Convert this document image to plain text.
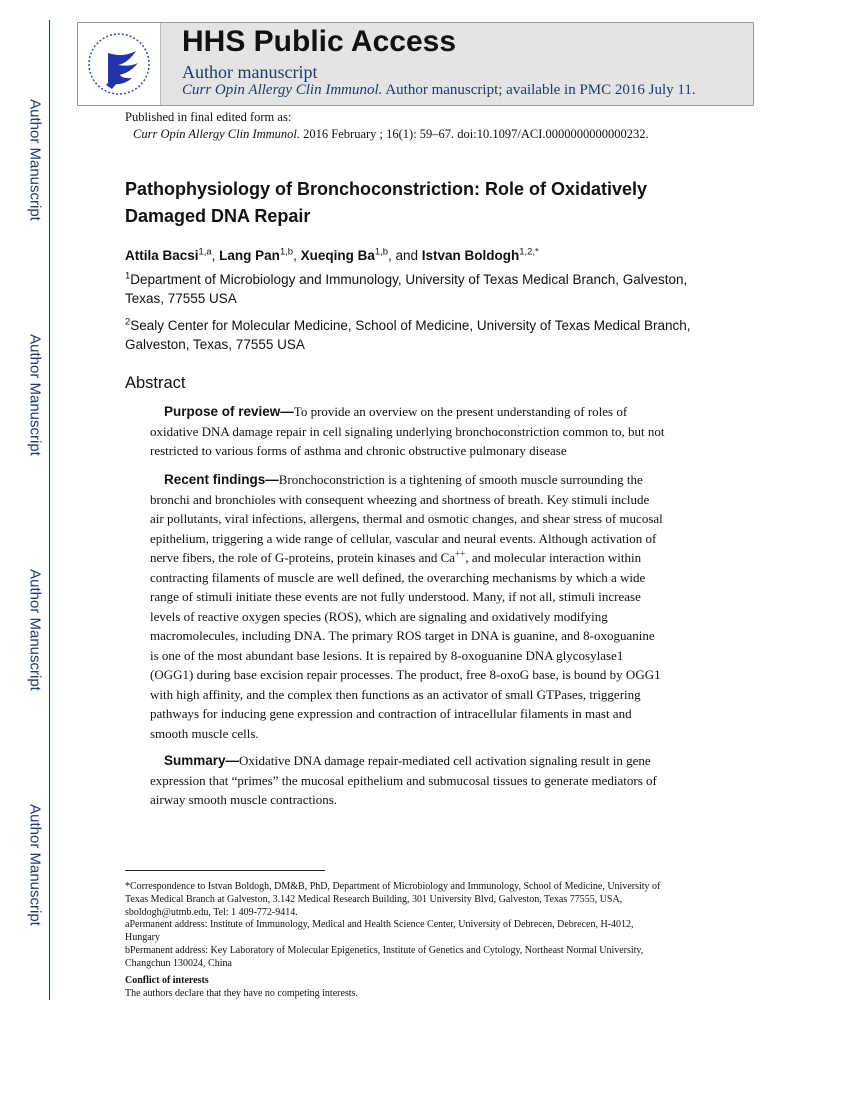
Author Manuscript
Author Manuscript
Author Manuscript
Author Manuscript
HHS Public Access
Author manuscript
Curr Opin Allergy Clin Immunol. Author manuscript; available in PMC 2016 July 11.
Published in final edited form as:
Curr Opin Allergy Clin Immunol. 2016 February ; 16(1): 59–67. doi:10.1097/ACI.0000000000000232.
Pathophysiology of Bronchoconstriction: Role of Oxidatively
Damaged DNA Repair
Attila Bacsi$^{1,a}$, Lang Pan$^{1,b}$, Xueqing Ba$^{1,b}$, and Istvan Boldogh$^{1,2,*}$
$^1$Department of Microbiology and Immunology, University of Texas Medical Branch, Galveston,
Texas, 77555 USA
$^2$Sealy Center for Molecular Medicine, School of Medicine, University of Texas Medical Branch,
Galveston, Texas, 77555 USA
Abstract
Purpose of review—To provide an overview on the present understanding of roles of
oxidative DNA damage repair in cell signaling underlying bronchoconstriction common to, but not
restricted to various forms of asthma and chronic obstructive pulmonary disease
Recent findings—Bronchoconstriction is a tightening of smooth muscle surrounding the
bronchi and bronchioles with consequent wheezing and shortness of breath. Key stimuli include
air pollutants, viral infections, allergens, thermal and osmotic changes, and shear stress of mucosal
epithelium, triggering a wide range of cellular, vascular and neural events. Although activation of
nerve fibers, the role of G-proteins, protein kinases and Ca++, and molecular interaction within
contracting filaments of muscle are well defined, the overarching mechanisms by which a wide
range of stimuli initiate these events are not fully understood. Many, if not all, stimuli increase
levels of reactive oxygen species (ROS), which are signaling and oxidatively modifying
macromolecules, including DNA. The primary ROS target in DNA is guanine, and 8-oxoguanine
is one of the most abundant base lesions. It is repaired by 8-oxoguanine DNA glycosylase1
(OGG1) during base excision repair processes. The product, free 8-oxoG base, is bound by OGG1
with high affinity, and the complex then functions as an activator of small GTPases, triggering
pathways for inducing gene expression and contraction of intracellular filaments in mast and
smooth muscle cells.
Summary—Oxidative DNA damage repair-mediated cell activation signaling result in gene
expression that “primes” the mucosal epithelium and submucosal tissues to generate mediators of
airway smooth muscle contractions.
*Correspondence to Istvan Boldogh, DM&B, PhD, Department of Microbiology and Immunology, School of Medicine, University of
Texas Medical Branch at Galveston, 3.142 Medical Research Building, 301 University Blvd, Galveston, Texas 77555, USA,
sboldogh@utmb.edu, Tel: 1 409-772-9414.
aPermanent address: Institute of Immunology, Medical and Health Science Center, University of Debrecen, Debrecen, H-4012,
Hungary
bPermanent address: Key Laboratory of Molecular Epigenetics, Institute of Genetics and Cytology, Northeast Normal University,
Changchun 130024, China
Conflict of interests
The authors declare that they have no competing interests.
